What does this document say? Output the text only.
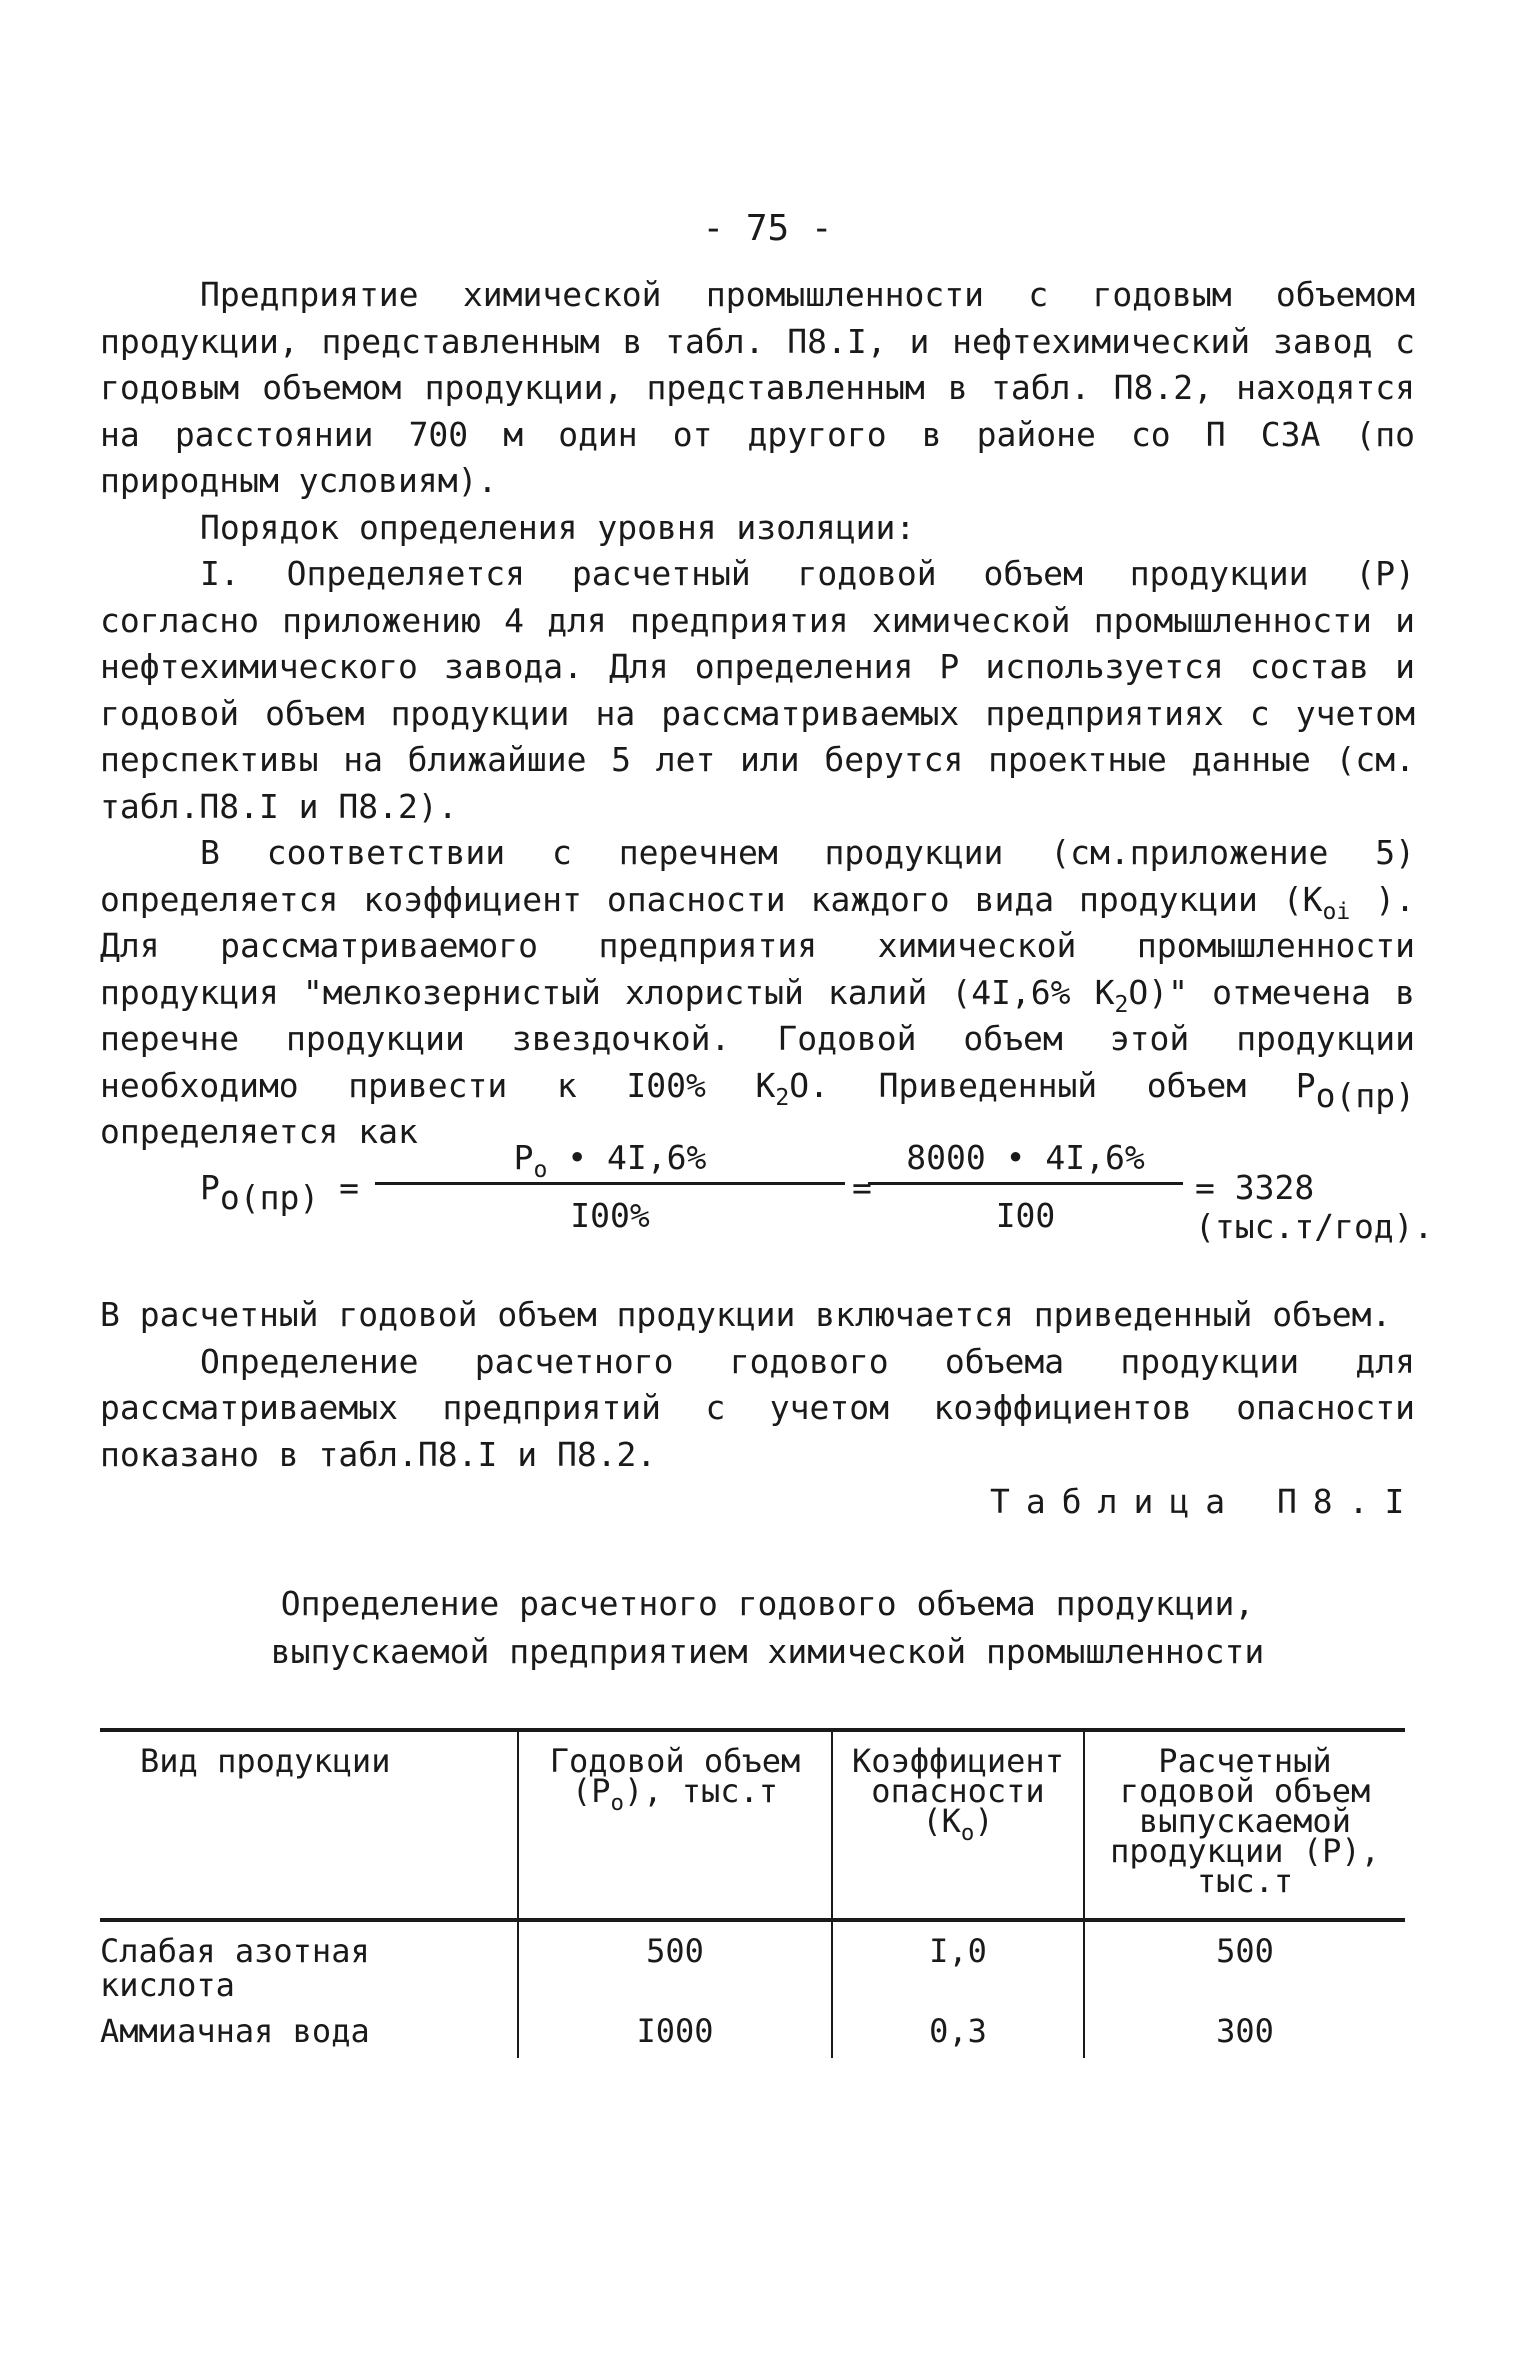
- 75 -

Предприятие химической промышленности с годовым объемом продукции, представленным в табл. П8.I, и нефтехимический завод с годовым объемом продукции, представленным в табл. П8.2, находятся на расстоянии 700 м один от другого в районе со П СЗА (по природным условиям).

Порядок определения уровня изоляции:

I. Определяется расчетный годовой объем продукции (Р) согласно приложению 4 для предприятия химической промышленности и нефтехимического завода. Для определения Р используется состав и годовой объем продукции на рассматриваемых предприятиях с учетом перспективы на ближайшие 5 лет или берутся проектные данные (см. табл.П8.I и П8.2).

В соответствии с перечнем продукции (см.приложение 5) определяется коэффициент опасности каждого вида продукции ($К_{oi}$ ). Для рассматриваемого предприятия химической промышленности продукция "мелкозернистый хлористый калий (4I,6% $К_2O$)" отмечена в перечне продукции звездочкой. Годовой объем этой продукции необходимо привести к I00% $К_2O$. Приведенный объем $Р_{о(пр)}$ определяется как

$Р_{о(пр)}$ =
$Р_о$ • 4I,6%
I00%
=
8000 • 4I,6%
I00
= 3328 (тыс.т/год).

В расчетный годовой объем продукции включается приведенный объем.

Определение расчетного годового объема продукции для рассматриваемых предприятий с учетом коэффициентов опасности показано в табл.П8.I и П8.2.

Таблица П8.I
Определение расчетного годового объема продукции,
выпускаемой предприятием химической промышленности
Вид продукции	Годовой объем $(Р_о)$, тыс.т	Коэффициент опасности $(К_о)$	Расчетный годовой объем выпускаемой продукции (Р), тыс.т
Слабая азотная кислота	500	I,0	500
Аммиачная вода	I000	0,3	300
